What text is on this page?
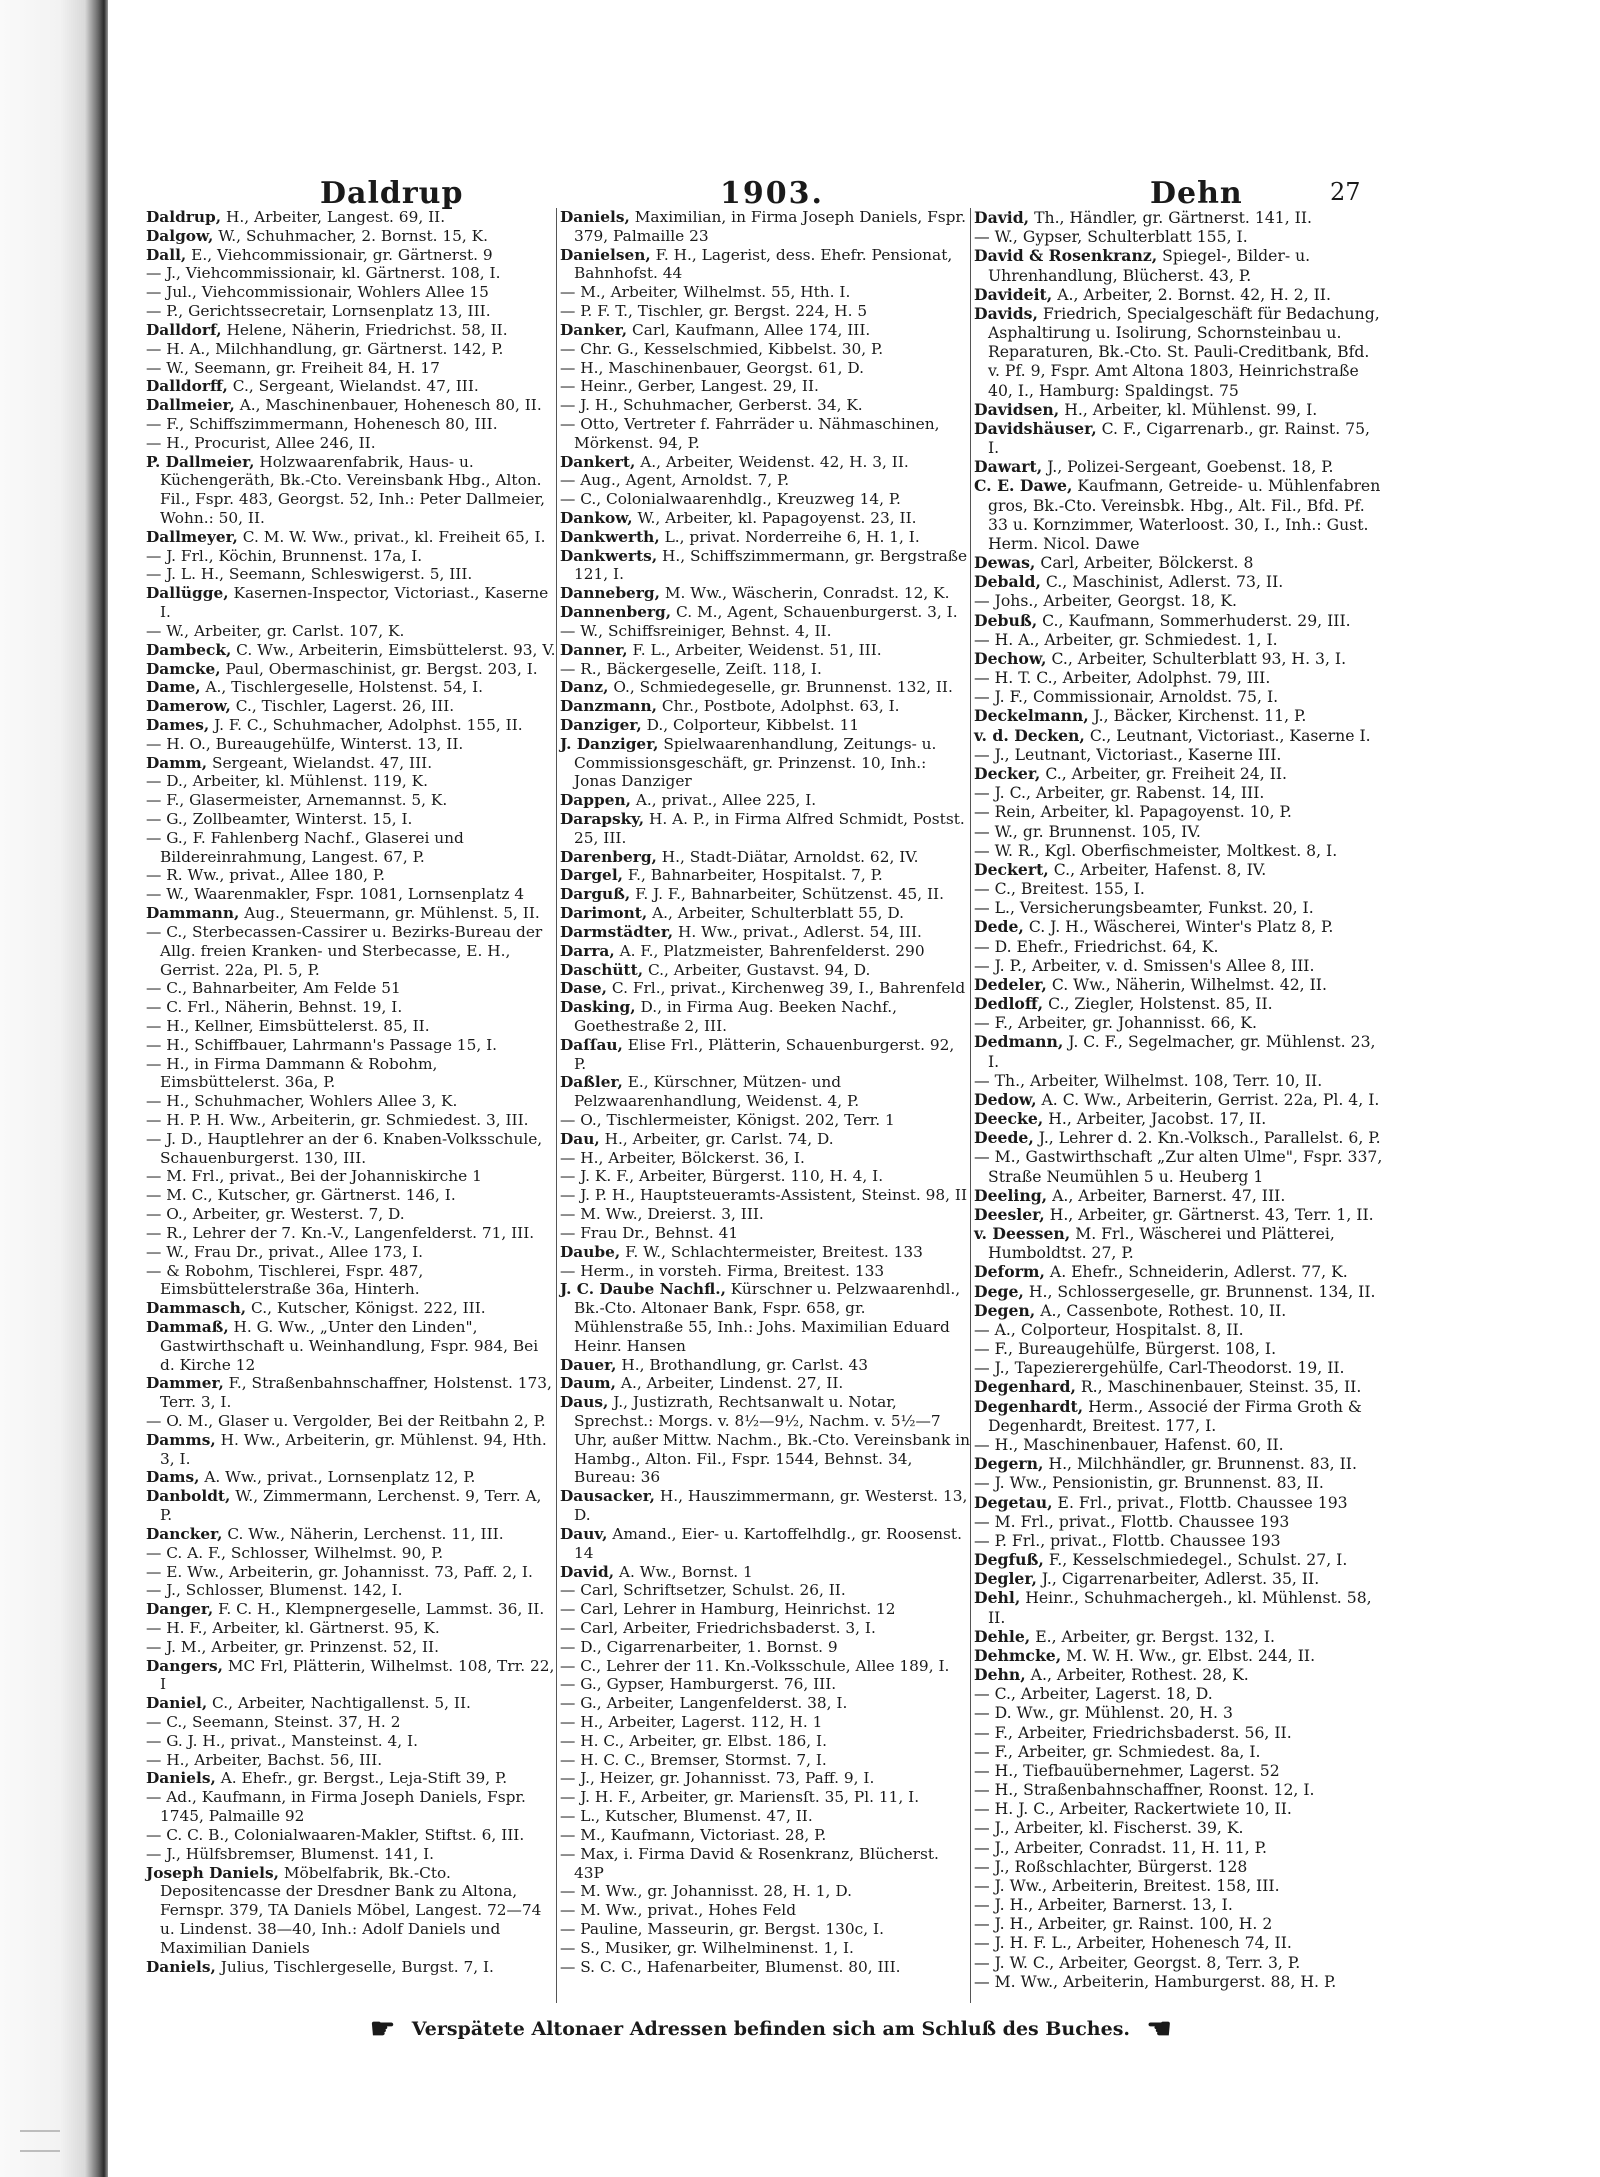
Daldrup	1903.	Dehn	27

Daldrup, H., Arbeiter, Langest. 69, II.

Dalgow, W., Schuhmacher, 2. Bornst. 15, K.

Dall, E., Viehcommissionair, gr. Gärtnerst. 9

— J., Viehcommissionair, kl. Gärtnerst. 108, I.

— Jul., Viehcommissionair, Wohlers Allee 15

— P., Gerichtssecretair, Lornsenplatz 13, III.

Dalldorf, Helene, Näherin, Friedrichst. 58, II.

— H. A., Milchhandlung, gr. Gärtnerst. 142, P.

— W., Seemann, gr. Freiheit 84, H. 17

Dalldorff, C., Sergeant, Wielandst. 47, III.

Dallmeier, A., Maschinenbauer, Hohenesch 80, II.

— F., Schiffszimmermann, Hohenesch 80, III.

— H., Procurist, Allee 246, II.

P. Dallmeier, Holzwaarenfabrik, Haus- u. Küchengeräth, Bk.-Cto. Vereinsbank Hbg., Alton. Fil., Fspr. 483, Georgst. 52, Inh.: Peter Dallmeier, Wohn.: 50, II.

Dallmeyer, C. M. W. Ww., privat., kl. Freiheit 65, I.

— J. Frl., Köchin, Brunnenst. 17a, I.

— J. L. H., Seemann, Schleswigerst. 5, III.

Dallügge, Kasernen-Inspector, Victoriast., Kaserne I.

— W., Arbeiter, gr. Carlst. 107, K.

Dambeck, C. Ww., Arbeiterin, Eimsbüttelerst. 93, V.

Damcke, Paul, Obermaschinist, gr. Bergst. 203, I.

Dame, A., Tischlergeselle, Holstenst. 54, I.

Damerow, C., Tischler, Lagerst. 26, III.

Dames, J. F. C., Schuhmacher, Adolphst. 155, II.

— H. O., Bureaugehülfe, Winterst. 13, II.

Damm, Sergeant, Wielandst. 47, III.

— D., Arbeiter, kl. Mühlenst. 119, K.

— F., Glasermeister, Arnemannst. 5, K.

— G., Zollbeamter, Winterst. 15, I.

— G., F. Fahlenberg Nachf., Glaserei und Bildereinrahmung, Langest. 67, P.

— R. Ww., privat., Allee 180, P.

— W., Waarenmakler, Fspr. 1081, Lornsenplatz 4

Dammann, Aug., Steuermann, gr. Mühlenst. 5, II.

— C., Sterbecassen-Cassirer u. Bezirks-Bureau der Allg. freien Kranken- und Sterbecasse, E. H., Gerrist. 22a, Pl. 5, P.

— C., Bahnarbeiter, Am Felde 51

— C. Frl., Näherin, Behnst. 19, I.

— H., Kellner, Eimsbüttelerst. 85, II.

— H., Schiffbauer, Lahrmann's Passage 15, I.

— H., in Firma Dammann & Robohm, Eimsbüttelerst. 36a, P.

— H., Schuhmacher, Wohlers Allee 3, K.

— H. P. H. Ww., Arbeiterin, gr. Schmiedest. 3, III.

— J. D., Hauptlehrer an der 6. Knaben-Volksschule, Schauenburgerst. 130, III.

— M. Frl., privat., Bei der Johanniskirche 1

— M. C., Kutscher, gr. Gärtnerst. 146, I.

— O., Arbeiter, gr. Westerst. 7, D.

— R., Lehrer der 7. Kn.-V., Langenfelderst. 71, III.

— W., Frau Dr., privat., Allee 173, I.

— & Robohm, Tischlerei, Fspr. 487, Eimsbüttelerstraße 36a, Hinterh.

Dammasch, C., Kutscher, Königst. 222, III.

Dammaß, H. G. Ww., „Unter den Linden", Gastwirthschaft u. Weinhandlung, Fspr. 984, Bei d. Kirche 12

Dammer, F., Straßenbahnschaffner, Holstenst. 173, Terr. 3, I.

— O. M., Glaser u. Vergolder, Bei der Reitbahn 2, P.

Damms, H. Ww., Arbeiterin, gr. Mühlenst. 94, Hth. 3, I.

Dams, A. Ww., privat., Lornsenplatz 12, P.

Danboldt, W., Zimmermann, Lerchenst. 9, Terr. A, P.

Dancker, C. Ww., Näherin, Lerchenst. 11, III.

— C. A. F., Schlosser, Wilhelmst. 90, P.

— E. Ww., Arbeiterin, gr. Johannisst. 73, Paff. 2, I.

— J., Schlosser, Blumenst. 142, I.

Danger, F. C. H., Klempnergeselle, Lammst. 36, II.

— H. F., Arbeiter, kl. Gärtnerst. 95, K.

— J. M., Arbeiter, gr. Prinzenst. 52, II.

Dangers, MC Frl, Plätterin, Wilhelmst. 108, Trr. 22, I

Daniel, C., Arbeiter, Nachtigallenst. 5, II.

— C., Seemann, Steinst. 37, H. 2

— G. J. H., privat., Mansteinst. 4, I.

— H., Arbeiter, Bachst. 56, III.

Daniels, A. Ehefr., gr. Bergst., Leja-Stift 39, P.

— Ad., Kaufmann, in Firma Joseph Daniels, Fspr. 1745, Palmaille 92

— C. C. B., Colonialwaaren-Makler, Stiftst. 6, III.

— J., Hülfsbremser, Blumenst. 141, I.

Joseph Daniels, Möbelfabrik, Bk.-Cto. Depositencasse der Dresdner Bank zu Altona, Fernspr. 379, TA Daniels Möbel, Langest. 72—74 u. Lindenst. 38—40, Inh.: Adolf Daniels und Maximilian Daniels

Daniels, Julius, Tischlergeselle, Burgst. 7, I.

Daniels, Maximilian, in Firma Joseph Daniels, Fspr. 379, Palmaille 23

Danielsen, F. H., Lagerist, dess. Ehefr. Pensionat, Bahnhofst. 44

— M., Arbeiter, Wilhelmst. 55, Hth. I.

— P. F. T., Tischler, gr. Bergst. 224, H. 5

Danker, Carl, Kaufmann, Allee 174, III.

— Chr. G., Kesselschmied, Kibbelst. 30, P.

— H., Maschinenbauer, Georgst. 61, D.

— Heinr., Gerber, Langest. 29, II.

— J. H., Schuhmacher, Gerberst. 34, K.

— Otto, Vertreter f. Fahrräder u. Nähmaschinen, Mörkenst. 94, P.

Dankert, A., Arbeiter, Weidenst. 42, H. 3, II.

— Aug., Agent, Arnoldst. 7, P.

— C., Colonialwaarenhdlg., Kreuzweg 14, P.

Dankow, W., Arbeiter, kl. Papagoyenst. 23, II.

Dankwerth, L., privat. Norderreihe 6, H. 1, I.

Dankwerts, H., Schiffszimmermann, gr. Bergstraße 121, I.

Danneberg, M. Ww., Wäscherin, Conradst. 12, K.

Dannenberg, C. M., Agent, Schauenburgerst. 3, I.

— W., Schiffsreiniger, Behnst. 4, II.

Danner, F. L., Arbeiter, Weidenst. 51, III.

— R., Bäckergeselle, Zeiſt. 118, I.

Danz, O., Schmiedegeselle, gr. Brunnenst. 132, II.

Danzmann, Chr., Postbote, Adolphst. 63, I.

Danziger, D., Colporteur, Kibbelst. 11

J. Danziger, Spielwaarenhandlung, Zeitungs- u. Commissionsgeschäft, gr. Prinzenst. 10, Inh.: Jonas Danziger

Dappen, A., privat., Allee 225, I.

Darapsky, H. A. P., in Firma Alfred Schmidt, Postst. 25, III.

Darenberg, H., Stadt-Diätar, Arnoldst. 62, IV.

Dargel, F., Bahnarbeiter, Hospitalst. 7, P.

Darguß, F. J. F., Bahnarbeiter, Schützenst. 45, II.

Darimont, A., Arbeiter, Schulterblatt 55, D.

Darmstädter, H. Ww., privat., Adlerst. 54, III.

Darra, A. F., Platzmeister, Bahrenfelderst. 290

Daschütt, C., Arbeiter, Gustavst. 94, D.

Dase, C. Frl., privat., Kirchenweg 39, I., Bahrenfeld

Dasking, D., in Firma Aug. Beeken Nachf., Goethestraße 2, III.

Daſſau, Elise Frl., Plätterin, Schauenburgerst. 92, P.

Daßler, E., Kürschner, Mützen- und Pelzwaarenhandlung, Weidenst. 4, P.

— O., Tischlermeister, Königst. 202, Terr. 1

Dau, H., Arbeiter, gr. Carlst. 74, D.

— H., Arbeiter, Bölckerst. 36, I.

— J. K. F., Arbeiter, Bürgerst. 110, H. 4, I.

— J. P. H., Hauptsteueramts-Assistent, Steinst. 98, II

— M. Ww., Dreierst. 3, III.

— Frau Dr., Behnst. 41

Daube, F. W., Schlachtermeister, Breitest. 133

— Herm., in vorsteh. Firma, Breitest. 133

J. C. Daube Nachfl., Kürschner u. Pelzwaarenhdl., Bk.-Cto. Altonaer Bank, Fspr. 658, gr. Mühlenstraße 55, Inh.: Johs. Maximilian Eduard Heinr. Hansen

Dauer, H., Brothandlung, gr. Carlst. 43

Daum, A., Arbeiter, Lindenst. 27, II.

Daus, J., Justizrath, Rechtsanwalt u. Notar, Sprechst.: Morgs. v. 8½—9½, Nachm. v. 5½—7 Uhr, außer Mittw. Nachm., Bk.-Cto. Vereinsbank in Hambg., Alton. Fil., Fspr. 1544, Behnst. 34, Bureau: 36

Dausacker, H., Hauszimmermann, gr. Westerst. 13, D.

Dauv, Amand., Eier- u. Kartoffelhdlg., gr. Roosenst. 14

David, A. Ww., Bornst. 1

— Carl, Schriftsetzer, Schulst. 26, II.

— Carl, Lehrer in Hamburg, Heinrichst. 12

— Carl, Arbeiter, Friedrichsbaderst. 3, I.

— D., Cigarrenarbeiter, 1. Bornst. 9

— C., Lehrer der 11. Kn.-Volksschule, Allee 189, I.

— G., Gypser, Hamburgerst. 76, III.

— G., Arbeiter, Langenfelderst. 38, I.

— H., Arbeiter, Lagerst. 112, H. 1

— H. C., Arbeiter, gr. Elbst. 186, I.

— H. C. C., Bremser, Stormst. 7, I.

— J., Heizer, gr. Johannisst. 73, Paff. 9, I.

— J. H. F., Arbeiter, gr. Mariensſt. 35, Pl. 11, I.

— L., Kutscher, Blumenst. 47, II.

— M., Kaufmann, Victoriast. 28, P.

— Max, i. Firma David & Rosenkranz, Blücherst. 43P

— M. Ww., gr. Johannisst. 28, H. 1, D.

— M. Ww., privat., Hohes Feld

— Pauline, Masseurin, gr. Bergst. 130c, I.

— S., Musiker, gr. Wilhelminenst. 1, I.

— S. C. C., Hafenarbeiter, Blumenst. 80, III.

David, Th., Händler, gr. Gärtnerst. 141, II.

— W., Gypser, Schulterblatt 155, I.

David & Rosenkranz, Spiegel-, Bilder- u. Uhrenhandlung, Blücherst. 43, P.

Davideit, A., Arbeiter, 2. Bornst. 42, H. 2, II.

Davids, Friedrich, Specialgeschäft für Bedachung, Asphaltirung u. Isolirung, Schornsteinbau u. Reparaturen, Bk.-Cto. St. Pauli-Creditbank, Bfd. v. Pf. 9, Fspr. Amt Altona 1803, Heinrichstraße 40, I., Hamburg: Spaldingst. 75

Davidsen, H., Arbeiter, kl. Mühlenst. 99, I.

Davidshäuser, C. F., Cigarrenarb., gr. Rainst. 75, I.

Dawart, J., Polizei-Sergeant, Goebenst. 18, P.

C. E. Dawe, Kaufmann, Getreide- u. Mühlenfabren gros, Bk.-Cto. Vereinsbk. Hbg., Alt. Fil., Bfd. Pf. 33 u. Kornzimmer, Waterloost. 30, I., Inh.: Gust. Herm. Nicol. Dawe

Dewas, Carl, Arbeiter, Bölckerst. 8

Debald, C., Maschinist, Adlerst. 73, II.

— Johs., Arbeiter, Georgst. 18, K.

Debuß, C., Kaufmann, Sommerhuderst. 29, III.

— H. A., Arbeiter, gr. Schmiedest. 1, I.

Dechow, C., Arbeiter, Schulterblatt 93, H. 3, I.

— H. T. C., Arbeiter, Adolphst. 79, III.

— J. F., Commissionair, Arnoldst. 75, I.

Deckelmann, J., Bäcker, Kirchenst. 11, P.

v. d. Decken, C., Leutnant, Victoriast., Kaserne I.

— J., Leutnant, Victoriast., Kaserne III.

Decker, C., Arbeiter, gr. Freiheit 24, II.

— J. C., Arbeiter, gr. Rabenst. 14, III.

— Rein, Arbeiter, kl. Papagoyenst. 10, P.

— W., gr. Brunnenst. 105, IV.

— W. R., Kgl. Oberfischmeister, Moltkest. 8, I.

Deckert, C., Arbeiter, Hafenst. 8, IV.

— C., Breitest. 155, I.

— L., Versicherungsbeamter, Funkst. 20, I.

Dede, C. J. H., Wäscherei, Winter's Platz 8, P.

— D. Ehefr., Friedrichst. 64, K.

— J. P., Arbeiter, v. d. Smissen's Allee 8, III.

Dedeler, C. Ww., Näherin, Wilhelmst. 42, II.

Dedloff, C., Ziegler, Holstenst. 85, II.

— F., Arbeiter, gr. Johannisst. 66, K.

Dedmann, J. C. F., Segelmacher, gr. Mühlenst. 23, I.

— Th., Arbeiter, Wilhelmst. 108, Terr. 10, II.

Dedow, A. C. Ww., Arbeiterin, Gerrist. 22a, Pl. 4, I.

Deecke, H., Arbeiter, Jacobst. 17, II.

Deede, J., Lehrer d. 2. Kn.-Volksch., Parallelst. 6, P.

— M., Gastwirthschaft „Zur alten Ulme", Fspr. 337, Straße Neumühlen 5 u. Heuberg 1

Deeling, A., Arbeiter, Barnerst. 47, III.

Deesler, H., Arbeiter, gr. Gärtnerst. 43, Terr. 1, II.

v. Deessen, M. Frl., Wäscherei und Plätterei, Humboldtst. 27, P.

Deform, A. Ehefr., Schneiderin, Adlerst. 77, K.

Dege, H., Schlossergeselle, gr. Brunnenst. 134, II.

Degen, A., Cassenbote, Rothest. 10, II.

— A., Colporteur, Hospitalst. 8, II.

— F., Bureaugehülfe, Bürgerst. 108, I.

— J., Tapezierergehülfe, Carl-Theodorst. 19, II.

Degenhard, R., Maschinenbauer, Steinst. 35, II.

Degenhardt, Herm., Associé der Firma Groth & Degenhardt, Breitest. 177, I.

— H., Maschinenbauer, Hafenst. 60, II.

Degern, H., Milchhändler, gr. Brunnenst. 83, II.

— J. Ww., Pensionistin, gr. Brunnenst. 83, II.

Degetau, E. Frl., privat., Flottb. Chaussee 193

— M. Frl., privat., Flottb. Chaussee 193

— P. Frl., privat., Flottb. Chaussee 193

Degfuß, F., Kesselschmiedegel., Schulst. 27, I.

Degler, J., Cigarrenarbeiter, Adlerst. 35, II.

Dehl, Heinr., Schuhmachergeh., kl. Mühlenst. 58, II.

Dehle, E., Arbeiter, gr. Bergst. 132, I.

Dehmcke, M. W. H. Ww., gr. Elbst. 244, II.

Dehn, A., Arbeiter, Rothest. 28, K.

— C., Arbeiter, Lagerst. 18, D.

— D. Ww., gr. Mühlenst. 20, H. 3

— F., Arbeiter, Friedrichsbaderst. 56, II.

— F., Arbeiter, gr. Schmiedest. 8a, I.

— H., Tiefbauübernehmer, Lagerst. 52

— H., Straßenbahnschaffner, Roonst. 12, I.

— H. J. C., Arbeiter, Rackertwiete 10, II.

— J., Arbeiter, kl. Fischerst. 39, K.

— J., Arbeiter, Conradst. 11, H. 11, P.

— J., Roßschlachter, Bürgerst. 128

— J. Ww., Arbeiterin, Breitest. 158, III.

— J. H., Arbeiter, Barnerst. 13, I.

— J. H., Arbeiter, gr. Rainst. 100, H. 2

— J. H. F. L., Arbeiter, Hohenesch 74, II.

— J. W. C., Arbeiter, Georgst. 8, Terr. 3, P.

— M. Ww., Arbeiterin, Hamburgerst. 88, H. P.

☛ Verspätete Altonaer Adressen befinden sich am Schluß des Buches. ☚
